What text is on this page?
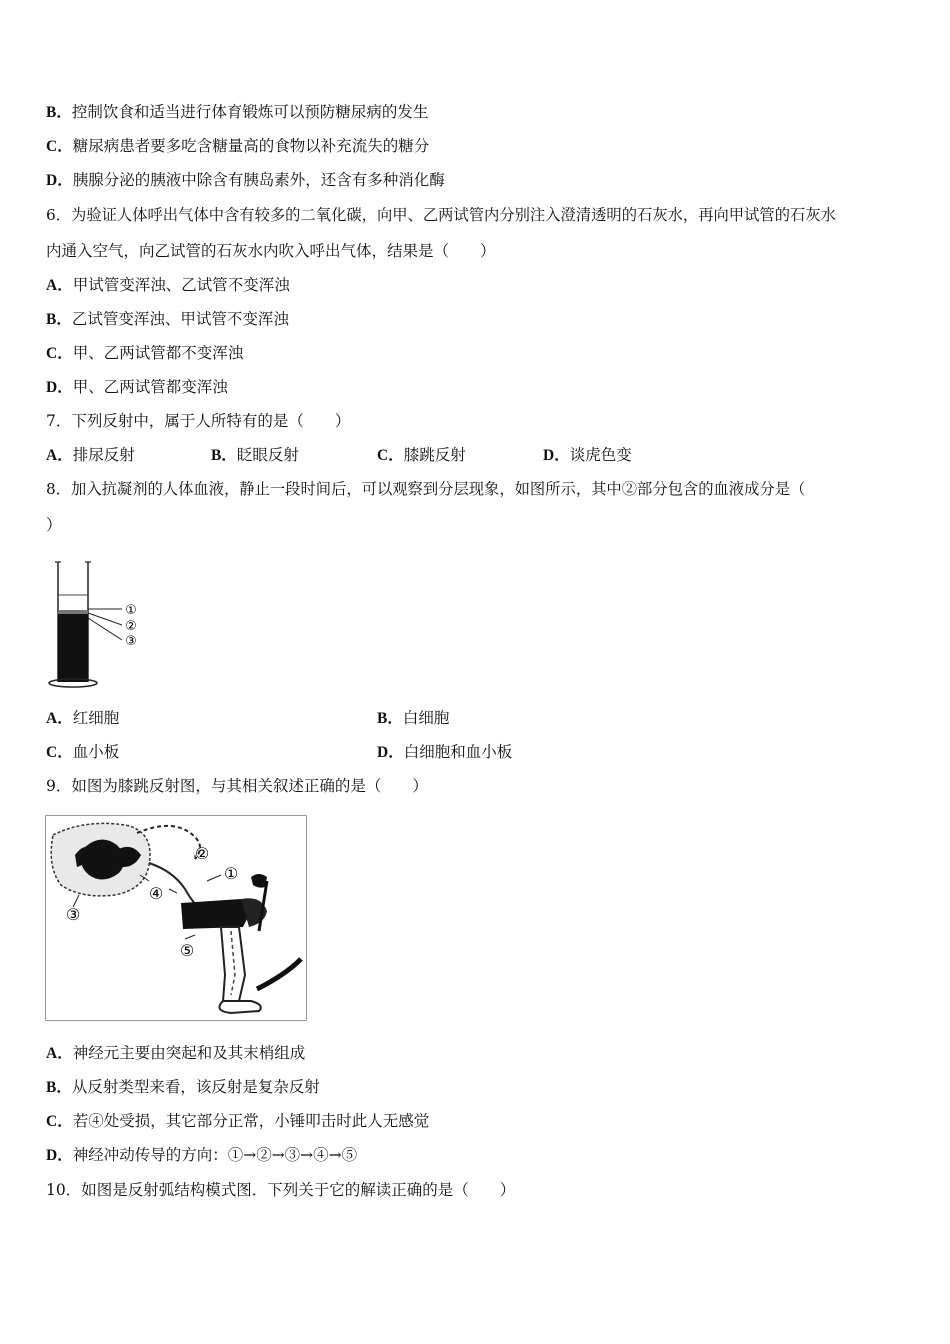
B．控制饮食和适当进行体育锻炼可以预防糖尿病的发生
C．糖尿病患者要多吃含糖量高的食物以补充流失的糖分
D．胰腺分泌的胰液中除含有胰岛素外，还含有多种消化酶
6．为验证人体呼出气体中含有较多的二氧化碳，向甲、乙两试管内分别注入澄清透明的石灰水，再向甲试管的石灰水
内通入空气，向乙试管的石灰水内吹入呼出气体，结果是（　　）
A．甲试管变浑浊、乙试管不变浑浊
B．乙试管变浑浊、甲试管不变浑浊
C．甲、乙两试管都不变浑浊
D．甲、乙两试管都变浑浊
7．下列反射中，属于人所特有的是（　　）
A．排尿反射	B．眨眼反射	C．膝跳反射	D．谈虎色变
8．加入抗凝剂的人体血液，静止一段时间后，可以观察到分层现象，如图所示，其中②部分包含的血液成分是（
）
①
②
③
A．红细胞	B．白细胞
C．血小板	D．白细胞和血小板
9．如图为膝跳反射图，与其相关叙述正确的是（　　）
②
①
③
④
⑤
A．神经元主要由突起和及其末梢组成
B．从反射类型来看，该反射是复杂反射
C．若④处受损，其它部分正常，小锤叩击时此人无感觉
D．神经冲动传导的方向：①→②→③→④→⑤
10．如图是反射弧结构模式图．下列关于它的解读正确的是（　　）
